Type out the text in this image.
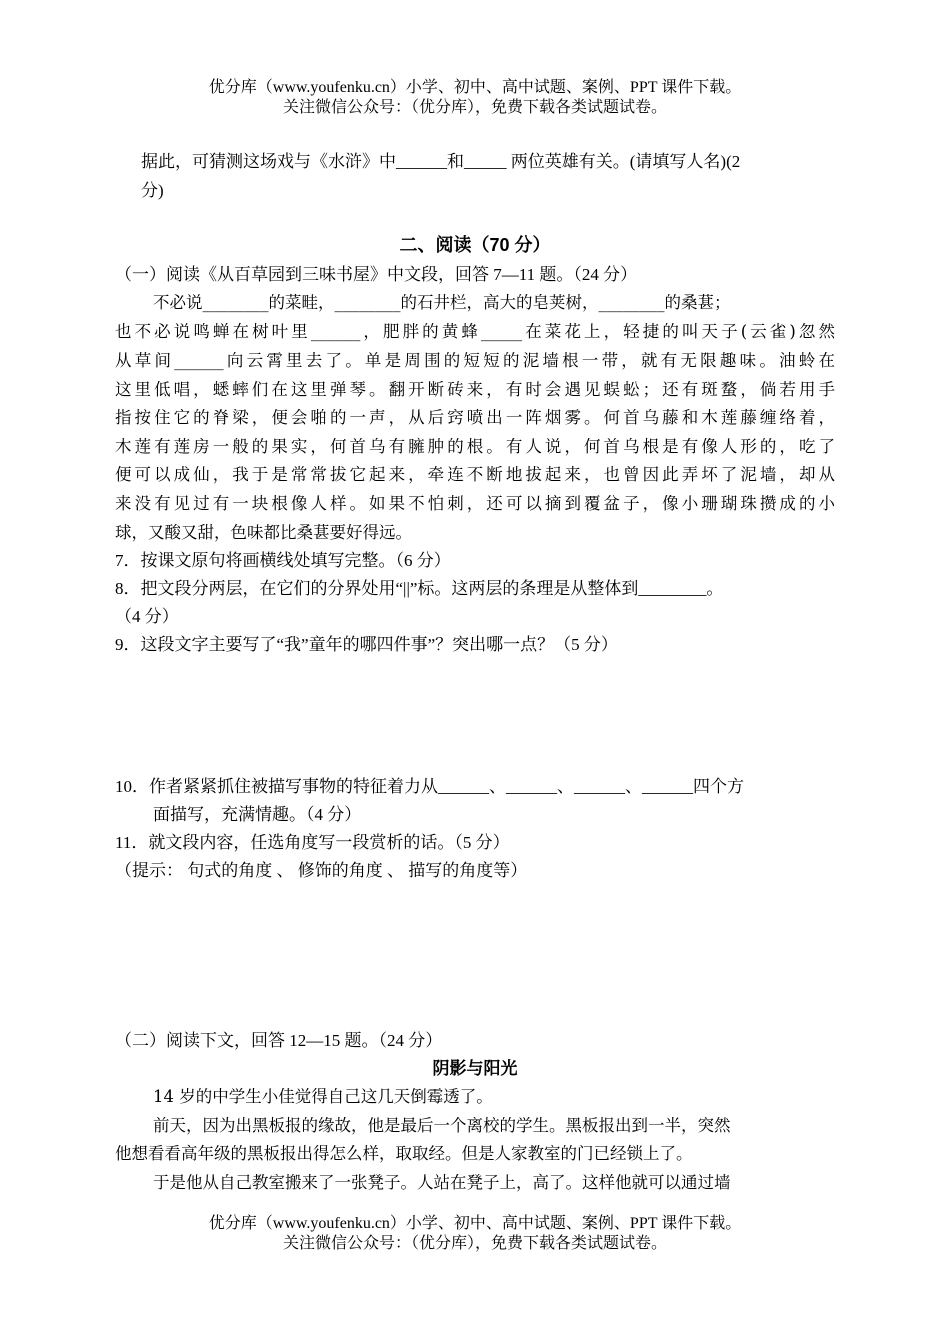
优分库（www.youfenku.cn）小学、初中、高中试题、案例、PPT 课件下载。
关注微信公众号：（优分库），免费下载各类试题试卷。
据此，可猜测这场戏与《水浒》中______和_____ 两位英雄有关。(请填写人名)(2
分)
二、阅读（70 分）
（一）阅读《从百草园到三味书屋》中文段，回答 7—11 题。（24 分）
不必说________的菜畦，________的石井栏，高大的皂荚树，________的桑葚；
也不必说鸣蝉在树叶里______，肥胖的黄蜂_____在菜花上，轻捷的叫天子(云雀)忽然
从草间______向云霄里去了。单是周围的短短的泥墙根一带，就有无限趣味。油蛉在
这里低唱，蟋蟀们在这里弹琴。翻开断砖来，有时会遇见蜈蚣；还有斑蝥，倘若用手
指按住它的脊梁，便会啪的一声，从后窍喷出一阵烟雾。何首乌藤和木莲藤缠络着，
木莲有莲房一般的果实，何首乌有臃肿的根。有人说，何首乌根是有像人形的，吃了
便可以成仙，我于是常常拔它起来，牵连不断地拔起来，也曾因此弄坏了泥墙，却从
来没有见过有一块根像人样。如果不怕刺，还可以摘到覆盆子，像小珊瑚珠攒成的小
球，又酸又甜，色味都比桑葚要好得远。
7．按课文原句将画横线处填写完整。（6 分）
8．把文段分两层，在它们的分界处用“||”标。这两层的条理是从整体到________。
（4 分）
9．这段文字主要写了“我”童年的哪四件事”？突出哪一点？（5 分）
10．作者紧紧抓住被描写事物的特征着力从______、______、______、______四个方
面描写，充满情趣。（4 分）
11．就文段内容，任选角度写一段赏析的话。（5 分）
（提示： 句式的角度 、 修饰的角度 、 描写的角度等）
（二）阅读下文，回答 12—15 题。（24 分）
阴影与阳光
14 岁的中学生小佳觉得自己这几天倒霉透了。
前天，因为出黑板报的缘故，他是最后一个离校的学生。黑板报出到一半，突然
他想看看高年级的黑板报出得怎么样，取取经。但是人家教室的门已经锁上了。
于是他从自己教室搬来了一张凳子。人站在凳子上，高了。这样他就可以通过墙
优分库（www.youfenku.cn）小学、初中、高中试题、案例、PPT 课件下载。
关注微信公众号：（优分库），免费下载各类试题试卷。
